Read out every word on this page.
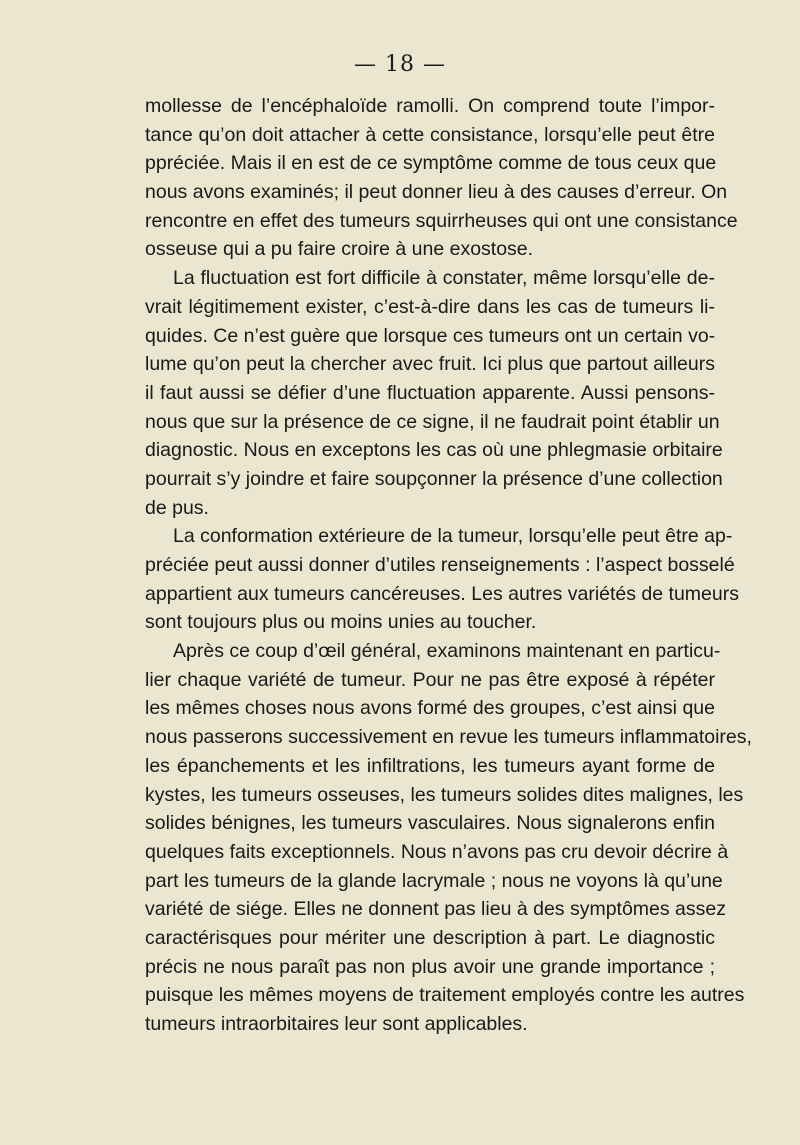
— 18 —
mollesse de l’encéphaloïde ramolli. On comprend toute l’impor-
tance qu’on doit attacher à cette consistance, lorsqu’elle peut être
ppréciée. Mais il en est de ce symptôme comme de tous ceux que
nous avons examinés; il peut donner lieu à des causes d’erreur. On
rencontre en effet des tumeurs squirrheuses qui ont une consistance
osseuse qui a pu faire croire à une exostose.
La fluctuation est fort difficile à constater, même lorsqu’elle de-
vrait légitimement exister, c’est-à-dire dans les cas de tumeurs li-
quides. Ce n’est guère que lorsque ces tumeurs ont un certain vo-
lume qu’on peut la chercher avec fruit. Ici plus que partout ailleurs
il faut aussi se défier d’une fluctuation apparente. Aussi pensons-
nous que sur la présence de ce signe, il ne faudrait point établir un
diagnostic. Nous en exceptons les cas où une phlegmasie orbitaire
pourrait s’y joindre et faire soupçonner la présence d’une collection
de pus.
La conformation extérieure de la tumeur, lorsqu’elle peut être ap-
préciée peut aussi donner d’utiles renseignements : l’aspect bosselé
appartient aux tumeurs cancéreuses. Les autres variétés de tumeurs
sont toujours plus ou moins unies au toucher.
Après ce coup d’œil général, examinons maintenant en particu-
lier chaque variété de tumeur. Pour ne pas être exposé à répéter
les mêmes choses nous avons formé des groupes, c’est ainsi que
nous passerons successivement en revue les tumeurs inflammatoires,
les épanchements et les infiltrations, les tumeurs ayant forme de
kystes, les tumeurs osseuses, les tumeurs solides dites malignes, les
solides bénignes, les tumeurs vasculaires. Nous signalerons enfin
quelques faits exceptionnels. Nous n’avons pas cru devoir décrire à
part les tumeurs de la glande lacrymale ; nous ne voyons là qu’une
variété de siége. Elles ne donnent pas lieu à des symptômes assez
caractérisques pour mériter une description à part. Le diagnostic
précis ne nous paraît pas non plus avoir une grande importance ;
puisque les mêmes moyens de traitement employés contre les autres
tumeurs intraorbitaires leur sont applicables.
